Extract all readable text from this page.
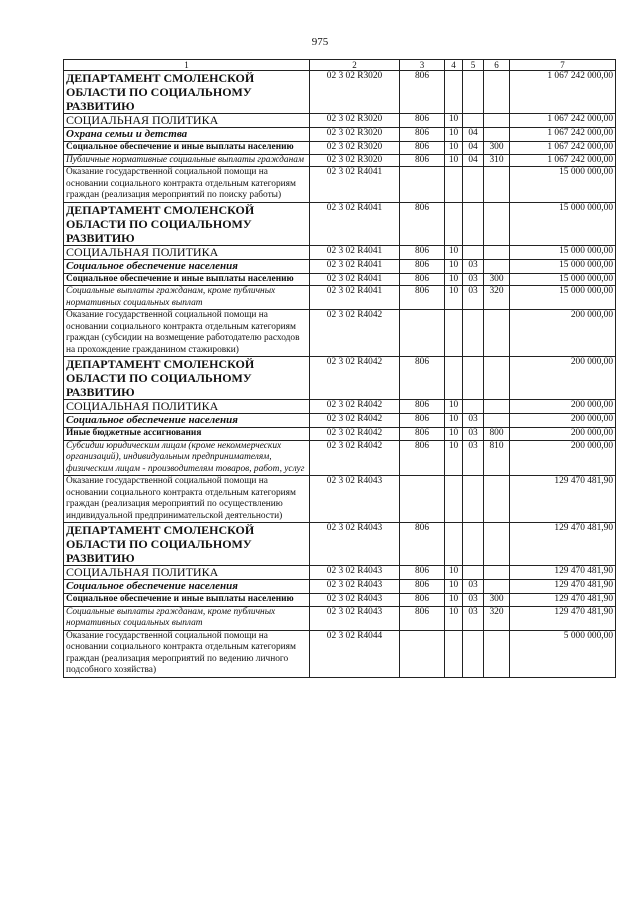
975
1	2	3	4	5	6	7
ДЕПАРТАМЕНТ СМОЛЕНСКОЙ ОБЛАСТИ ПО СОЦИАЛЬНОМУ РАЗВИТИЮ	02 3 02 R3020	806				1 067 242 000,00
СОЦИАЛЬНАЯ ПОЛИТИКА	02 3 02 R3020	806	10			1 067 242 000,00
Охрана семьи и детства	02 3 02 R3020	806	10	04		1 067 242 000,00
Социальное обеспечение и иные выплаты населению	02 3 02 R3020	806	10	04	300	1 067 242 000,00
Публичные нормативные социальные выплаты гражданам	02 3 02 R3020	806	10	04	310	1 067 242 000,00
Оказание государственной социальной помощи на основании социального контракта отдельным категориям граждан (реализация мероприятий по поиску работы)	02 3 02 R4041					15 000 000,00
ДЕПАРТАМЕНТ СМОЛЕНСКОЙ ОБЛАСТИ ПО СОЦИАЛЬНОМУ РАЗВИТИЮ	02 3 02 R4041	806				15 000 000,00
СОЦИАЛЬНАЯ ПОЛИТИКА	02 3 02 R4041	806	10			15 000 000,00
Социальное обеспечение населения	02 3 02 R4041	806	10	03		15 000 000,00
Социальное обеспечение и иные выплаты населению	02 3 02 R4041	806	10	03	300	15 000 000,00
Социальные выплаты гражданам, кроме публичных нормативных социальных выплат	02 3 02 R4041	806	10	03	320	15 000 000,00
Оказание государственной социальной помощи на основании социального контракта отдельным категориям граждан (субсидии на возмещение работодателю расходов на прохождение гражданином стажировки)	02 3 02 R4042					200 000,00
ДЕПАРТАМЕНТ СМОЛЕНСКОЙ ОБЛАСТИ ПО СОЦИАЛЬНОМУ РАЗВИТИЮ	02 3 02 R4042	806				200 000,00
СОЦИАЛЬНАЯ ПОЛИТИКА	02 3 02 R4042	806	10			200 000,00
Социальное обеспечение населения	02 3 02 R4042	806	10	03		200 000,00
Иные бюджетные ассигнования	02 3 02 R4042	806	10	03	800	200 000,00
Субсидии юридическим лицам (кроме некоммерческих организаций), индивидуальным предпринимателям, физическим лицам - производителям товаров, работ, услуг	02 3 02 R4042	806	10	03	810	200 000,00
Оказание государственной социальной помощи на основании социального контракта отдельным категориям граждан (реализация мероприятий по осуществлению индивидуальной предпринимательской деятельности)	02 3 02 R4043					129 470 481,90
ДЕПАРТАМЕНТ СМОЛЕНСКОЙ ОБЛАСТИ ПО СОЦИАЛЬНОМУ РАЗВИТИЮ	02 3 02 R4043	806				129 470 481,90
СОЦИАЛЬНАЯ ПОЛИТИКА	02 3 02 R4043	806	10			129 470 481,90
Социальное обеспечение населения	02 3 02 R4043	806	10	03		129 470 481,90
Социальное обеспечение и иные выплаты населению	02 3 02 R4043	806	10	03	300	129 470 481,90
Социальные выплаты гражданам, кроме публичных нормативных социальных выплат	02 3 02 R4043	806	10	03	320	129 470 481,90
Оказание государственной социальной помощи на основании социального контракта отдельным категориям граждан (реализация мероприятий по ведению личного подсобного хозяйства)	02 3 02 R4044					5 000 000,00
